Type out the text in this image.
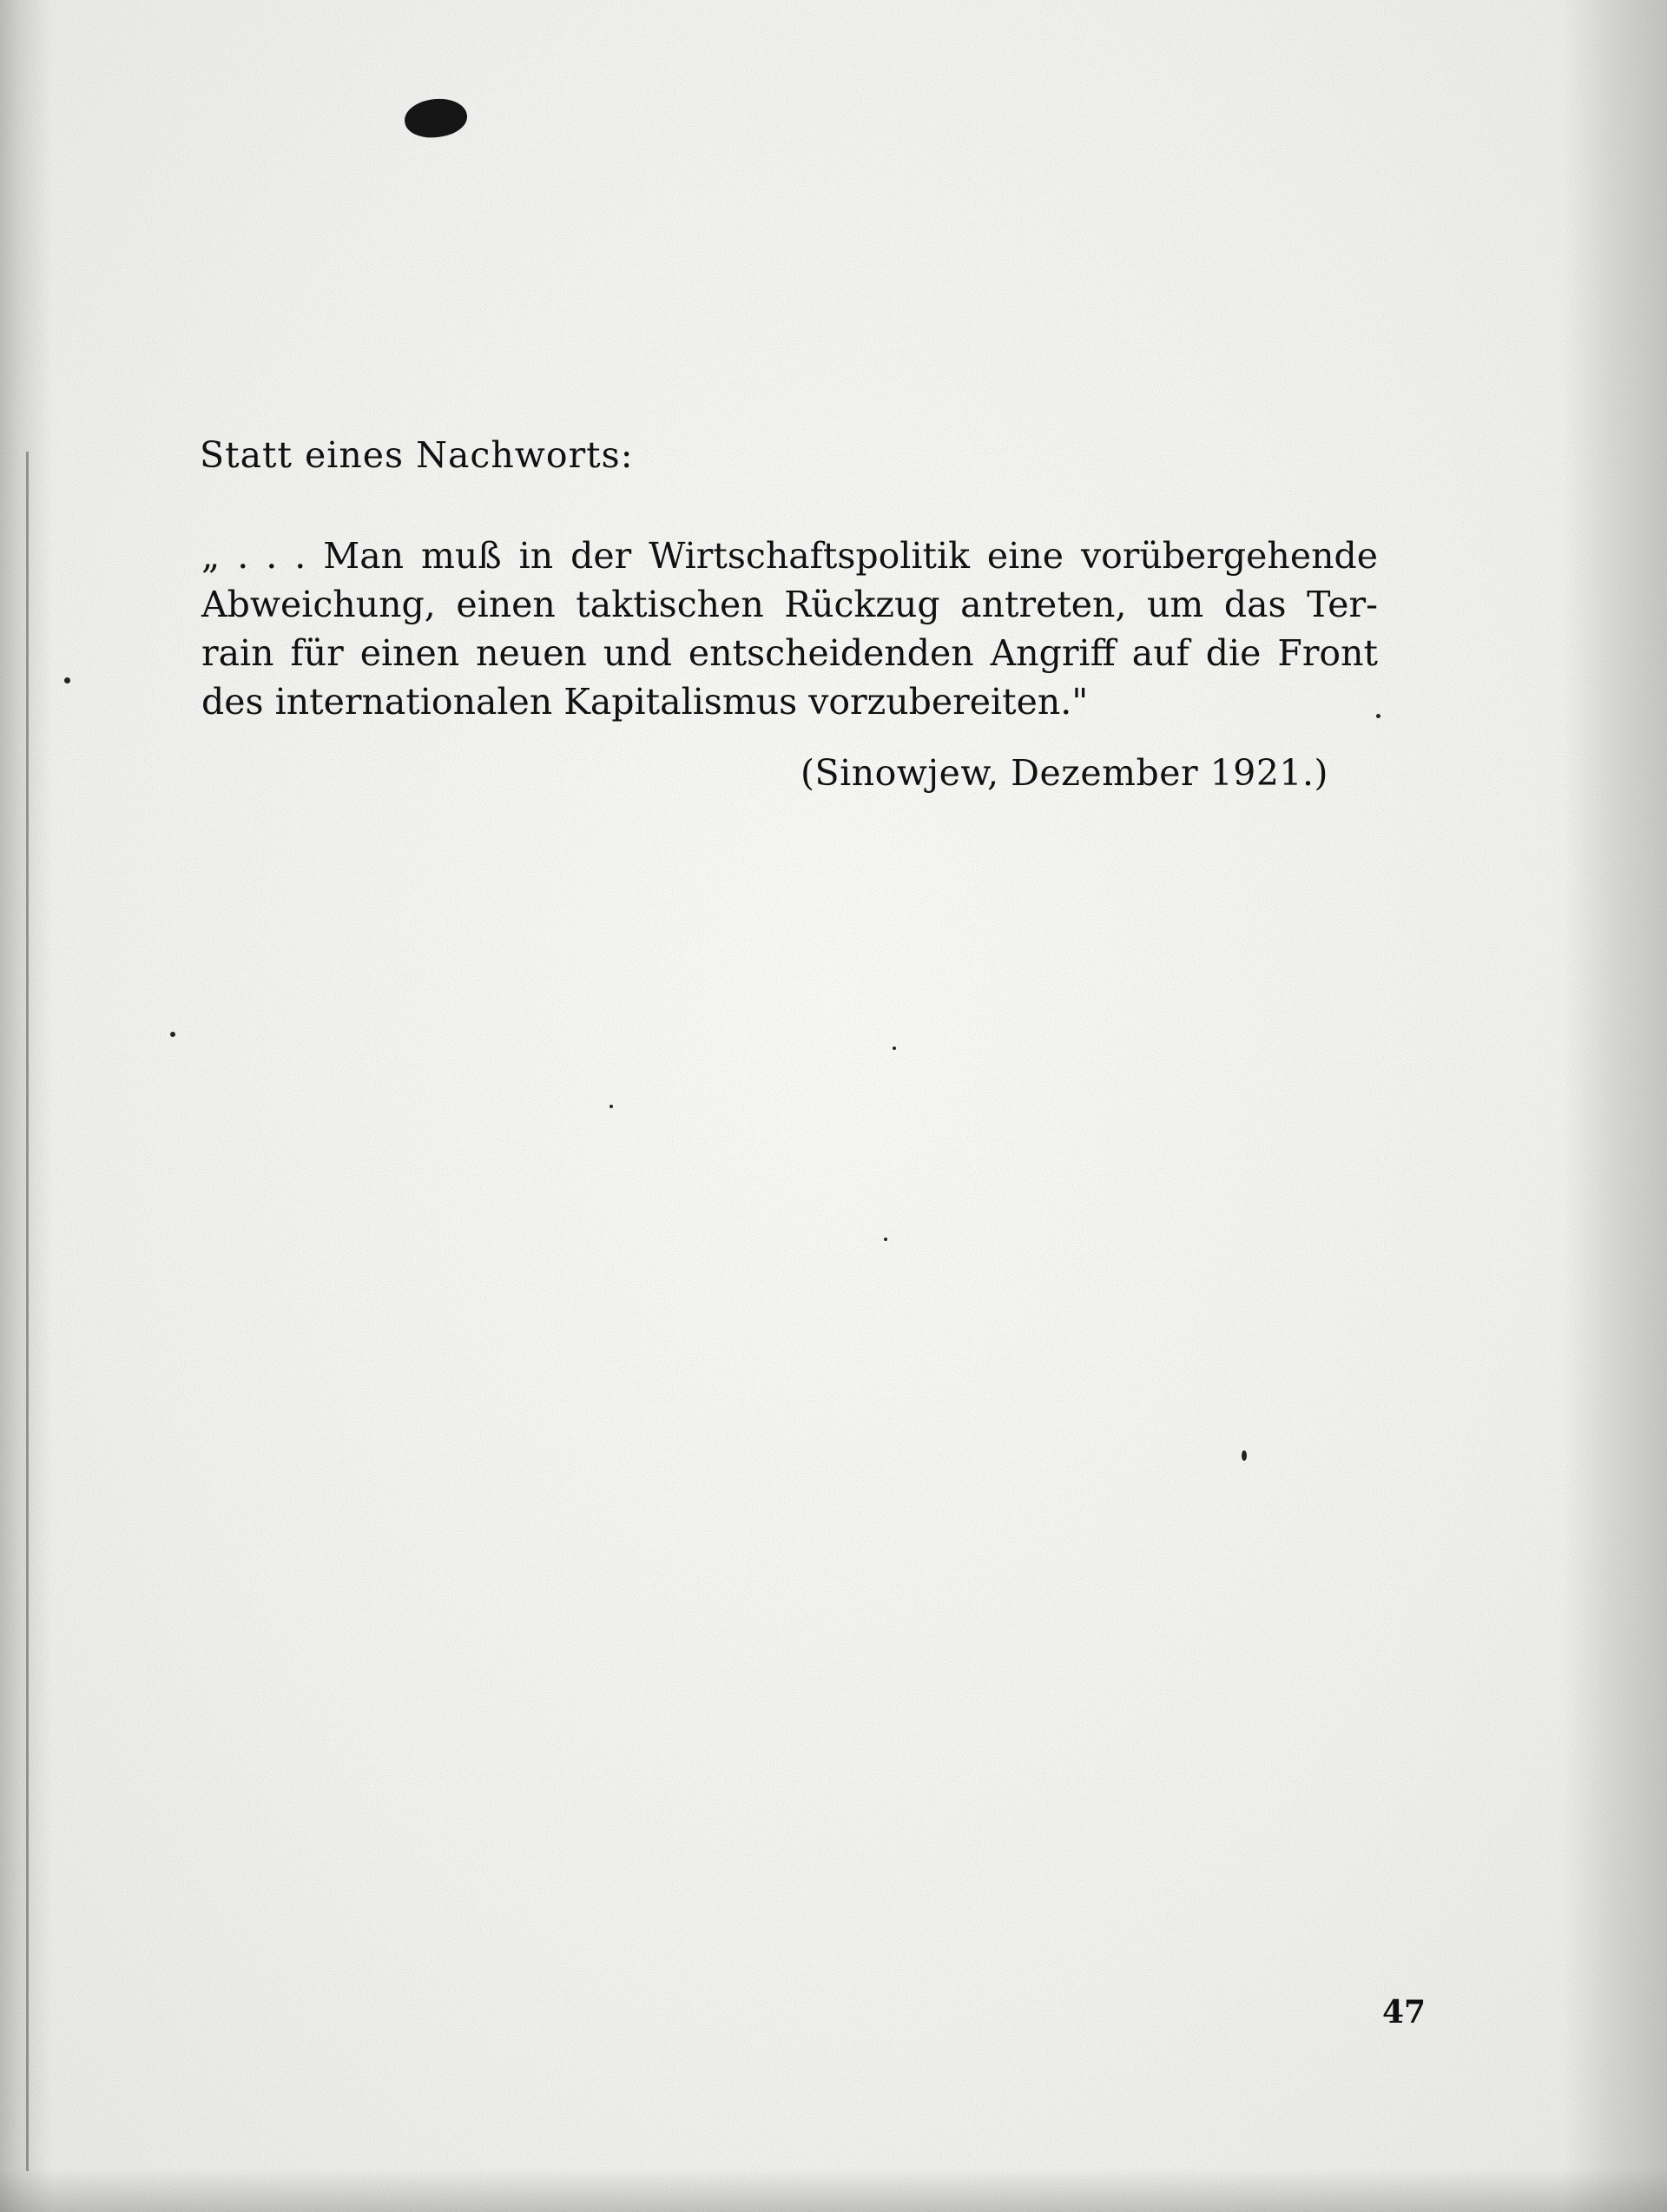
Statt eines Nachworts:

„ . . . Man muß in der Wirtschaftspolitik eine vorübergehende
Abweichung, einen taktischen Rückzug antreten, um das Ter-
rain für einen neuen und entscheidenden Angriff auf die Front
des internationalen Kapitalismus vorzubereiten."

(Sinowjew, Dezember 1921.)

47
